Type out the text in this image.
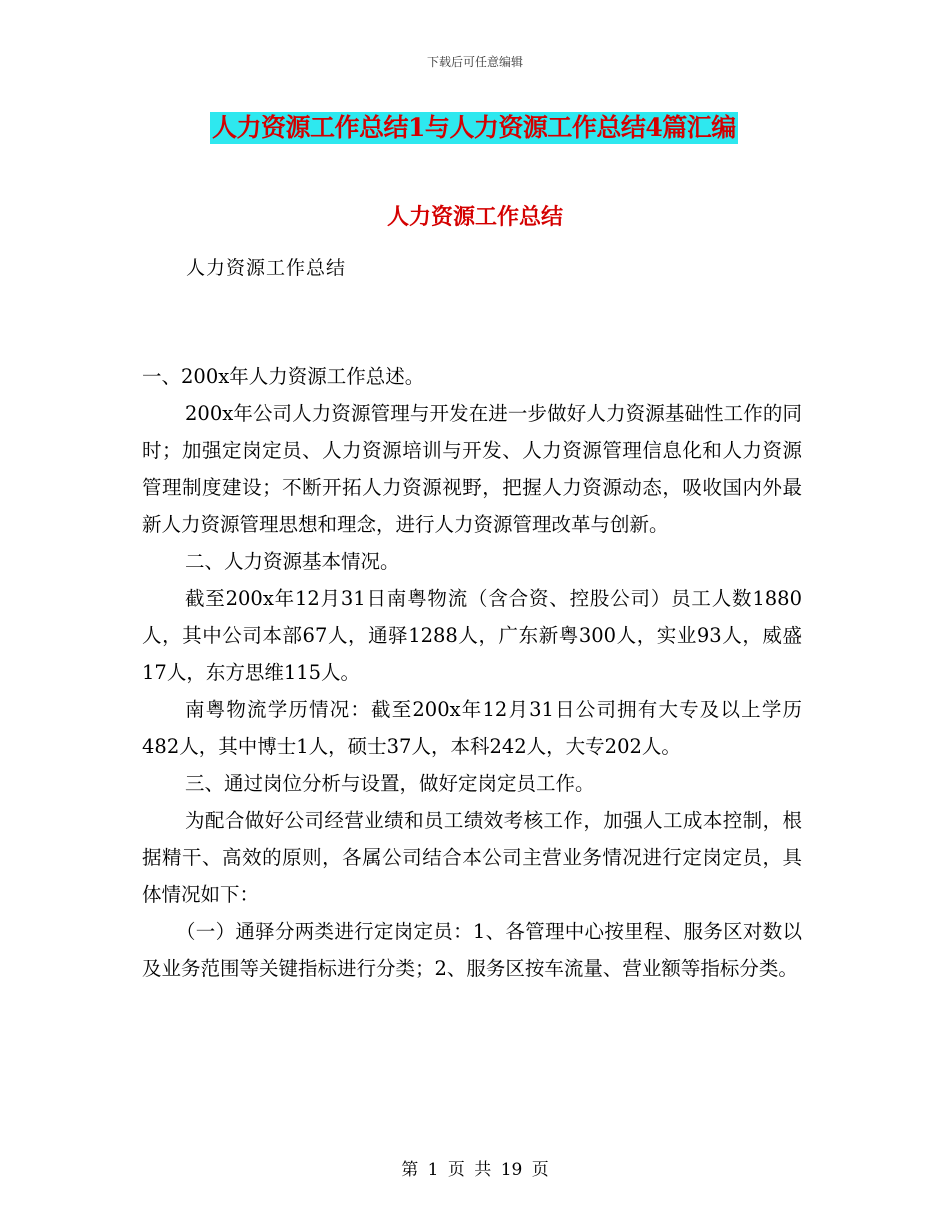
下载后可任意编辑
人力资源工作总结1与人力资源工作总结4篇汇编
人力资源工作总结
人力资源工作总结

一、200x年人力资源工作总述。

200x年公司人力资源管理与开发在进一步做好人力资源基础性工作的同时；加强定岗定员、人力资源培训与开发、人力资源管理信息化和人力资源管理制度建设；不断开拓人力资源视野，把握人力资源动态，吸收国内外最新人力资源管理思想和理念，进行人力资源管理改革与创新。

二、人力资源基本情况。

截至200x年12月31日南粤物流（含合资、控股公司）员工人数1880人，其中公司本部67人，通驿1288人，广东新粤300人，实业93人，威盛17人，东方思维115人。

南粤物流学历情况：截至200x年12月31日公司拥有大专及以上学历482人，其中博士1人，硕士37人，本科242人，大专202人。

三、通过岗位分析与设置，做好定岗定员工作。

为配合做好公司经营业绩和员工绩效考核工作，加强人工成本控制，根据精干、高效的原则，各属公司结合本公司主营业务情况进行定岗定员，具体情况如下：

（一）通驿分两类进行定岗定员：1、各管理中心按里程、服务区对数以及业务范围等关键指标进行分类；2、服务区按车流量、营业额等指标分类。

第 1 页 共 19 页
